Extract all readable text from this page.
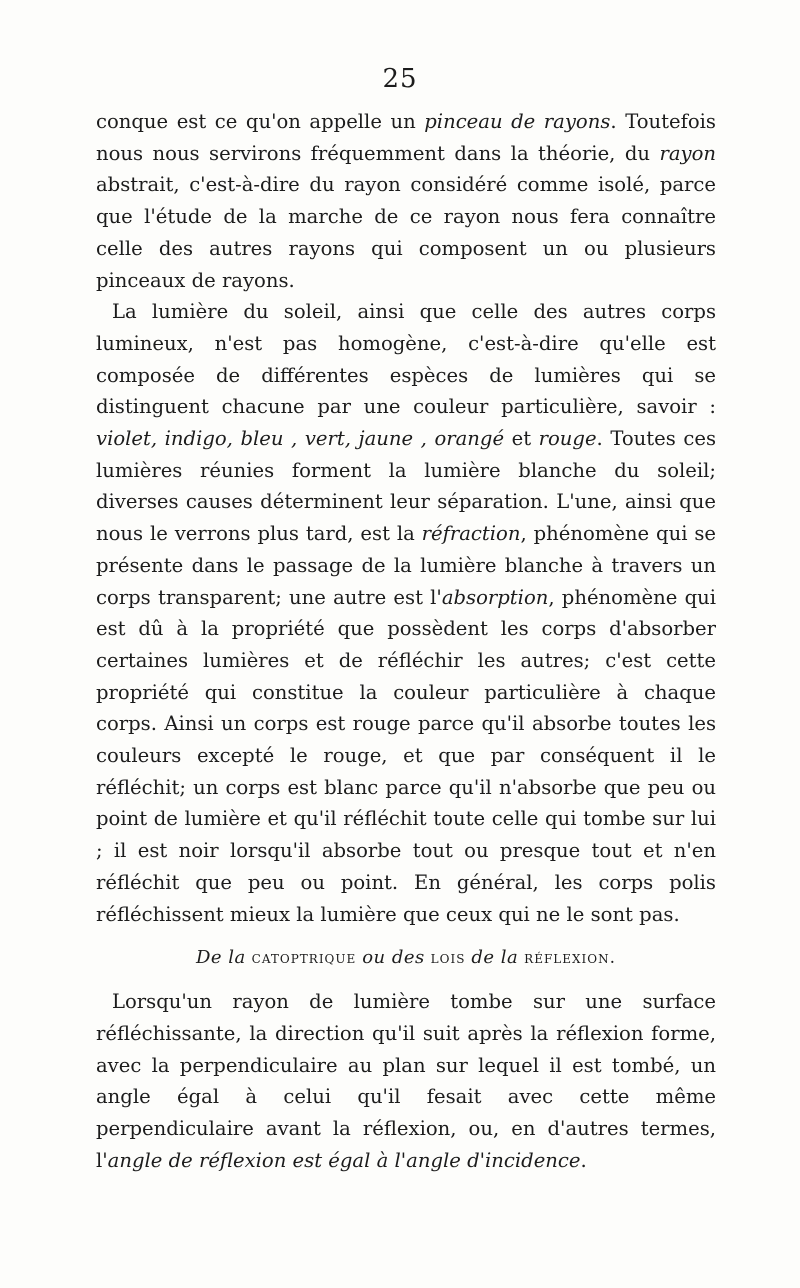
25

conque est ce qu'on appelle un pinceau de rayons. Toutefois nous nous servirons fréquemment dans la théorie, du rayon abstrait, c'est-à-dire du rayon considéré comme isolé, parce que l'étude de la marche de ce rayon nous fera connaître celle des autres rayons qui composent un ou plusieurs pinceaux de rayons.

La lumière du soleil, ainsi que celle des autres corps lumineux, n'est pas homogène, c'est-à-dire qu'elle est composée de différentes espèces de lumières qui se distinguent chacune par une couleur particulière, savoir : violet, indigo, bleu , vert, jaune , orangé et rouge. Toutes ces lumières réunies forment la lumière blanche du soleil; diverses causes déterminent leur séparation. L'une, ainsi que nous le verrons plus tard, est la réfraction, phénomène qui se présente dans le passage de la lumière blanche à travers un corps transparent; une autre est l'absorption, phénomène qui est dû à la propriété que possèdent les corps d'absorber certaines lumières et de réfléchir les autres; c'est cette propriété qui constitue la couleur particulière à chaque corps. Ainsi un corps est rouge parce qu'il absorbe toutes les couleurs excepté le rouge, et que par conséquent il le réfléchit; un corps est blanc parce qu'il n'absorbe que peu ou point de lumière et qu'il réfléchit toute celle qui tombe sur lui ; il est noir lorsqu'il absorbe tout ou presque tout et n'en réfléchit que peu ou point. En général, les corps polis réfléchissent mieux la lumière que ceux qui ne le sont pas.

De la catoptrique ou des lois de la réflexion.

Lorsqu'un rayon de lumière tombe sur une surface réfléchissante, la direction qu'il suit après la réflexion forme, avec la perpendiculaire au plan sur lequel il est tombé, un angle égal à celui qu'il fesait avec cette même perpendiculaire avant la réflexion, ou, en d'autres termes, l'angle de réflexion est égal à l'angle d'incidence.
